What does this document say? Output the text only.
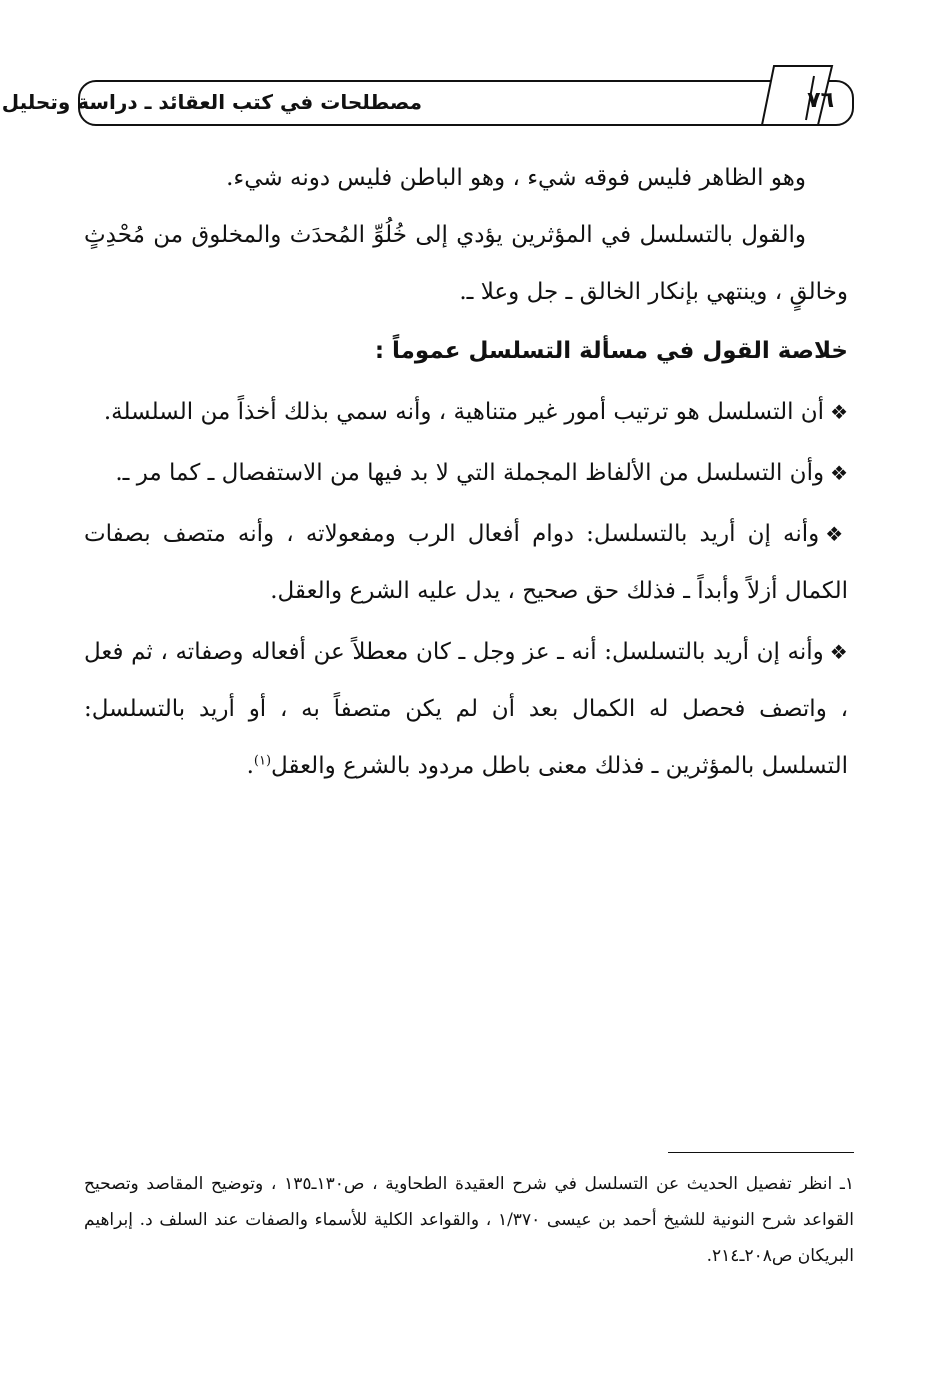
مصطلحات في كتب العقائد ـ دراسة وتحليل	٧٦

وهو الظاهر فليس فوقه شيء ، وهو الباطن فليس دونه شيء.

والقول بالتسلسل في المؤثرين يؤدي إلى خُلُوِّ المُحدَث والمخلوق من مُحْدِثٍ وخالقٍ ، وينتهي بإنكار الخالق ـ جل وعلا ـ.

خلاصة القول في مسألة التسلسل عموماً :

❖أن التسلسل هو ترتيب أمور غير متناهية ، وأنه سمي بذلك أخذاً من السلسلة.

❖وأن التسلسل من الألفاظ المجملة التي لا بد فيها من الاستفصال ـ كما مر ـ.

❖وأنه إن أريد بالتسلسل: دوام أفعال الرب ومفعولاته ، وأنه متصف بصفات الكمال أزلاً وأبداً ـ فذلك حق صحيح ، يدل عليه الشرع والعقل.

❖وأنه إن أريد بالتسلسل: أنه ـ عز وجل ـ كان معطلاً عن أفعاله وصفاته ، ثم فعل ، واتصف فحصل له الكمال بعد أن لم يكن متصفاً به ، أو أريد بالتسلسل: التسلسل بالمؤثرين ـ فذلك معنى باطل مردود بالشرع والعقل$^{(١)}$.

١ـ انظر تفصيل الحديث عن التسلسل في شرح العقيدة الطحاوية ، ص١٣٠ـ١٣٥ ، وتوضيح المقاصد وتصحيح القواعد شرح النونية للشيخ أحمد بن عيسى ١/٣٧٠ ، والقواعد الكلية للأسماء والصفات عند السلف د. إبراهيم البريكان ص٢٠٨ـ٢١٤.
